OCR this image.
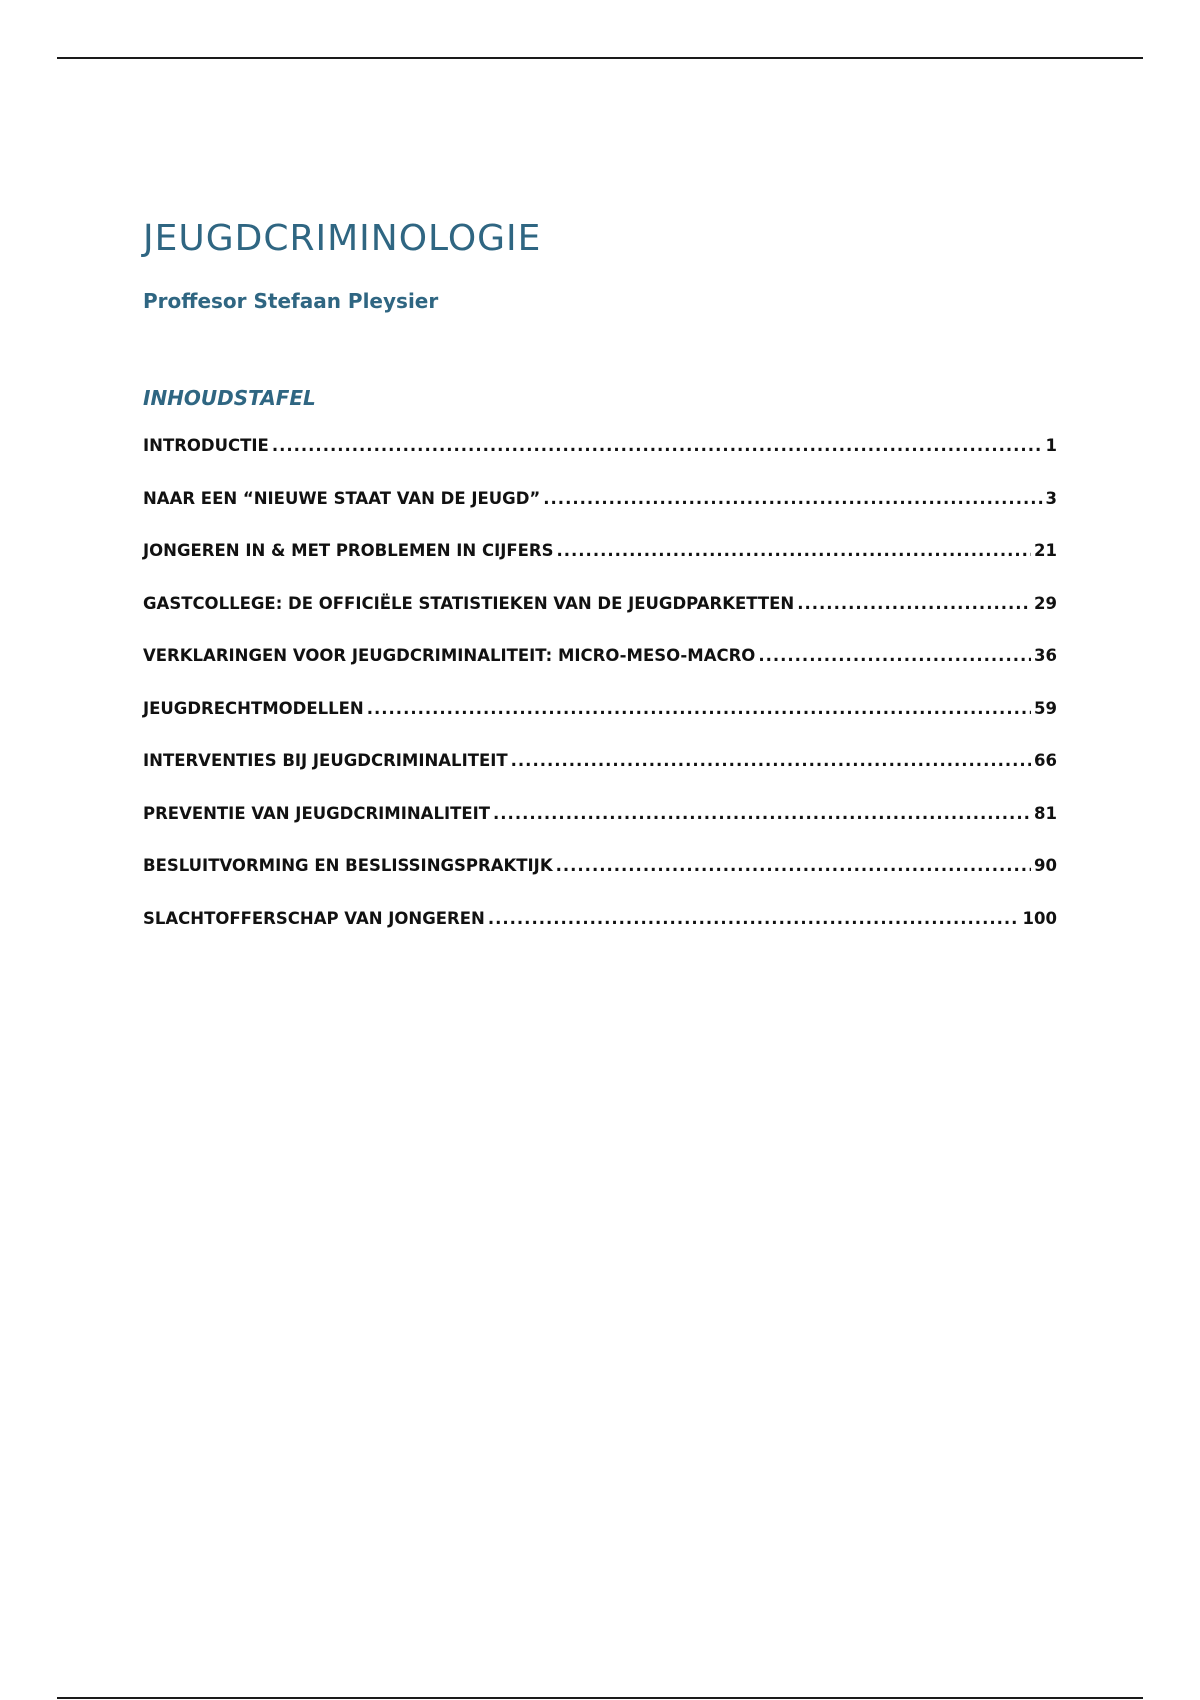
JEUGDCRIMINOLOGIE
Proffesor Stefaan Pleysier
INHOUDSTAFEL
INTRODUCTIE .....	1
NAAR EEN “NIEUWE STAAT VAN DE JEUGD” .....	3
JONGEREN IN & MET PROBLEMEN IN CIJFERS .....	21
GASTCOLLEGE: DE OFFICIËLE STATISTIEKEN VAN DE JEUGDPARKETTEN .....	29
VERKLARINGEN VOOR JEUGDCRIMINALITEIT: MICRO-MESO-MACRO .....	36
JEUGDRECHTMODELLEN .....	59
INTERVENTIES BIJ JEUGDCRIMINALITEIT .....	66
PREVENTIE VAN JEUGDCRIMINALITEIT .....	81
BESLUITVORMING EN BESLISSINGSPRAKTIJK .....	90
SLACHTOFFERSCHAP VAN JONGEREN .....	100
